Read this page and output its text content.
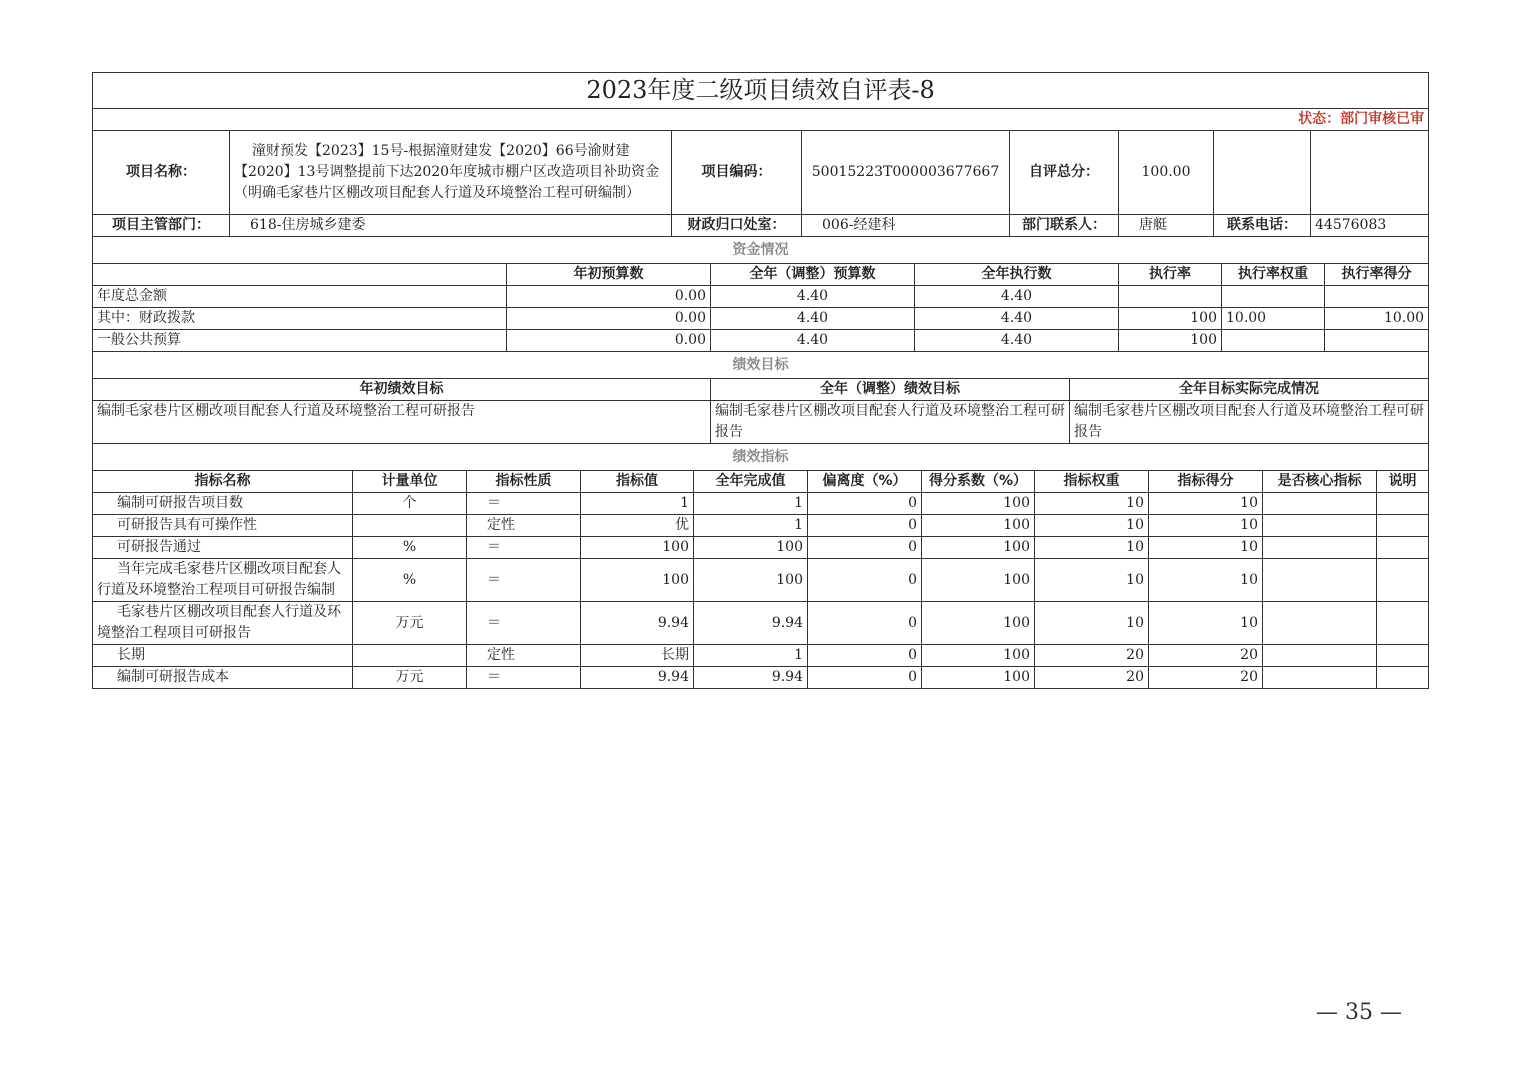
2023年度二级项目绩效自评表-8							
状态：部门审核已审							
项目名称：	潼财预发【2023】15号-根据潼财建发【2020】66号渝财建【2020】13号调整提前下达2020年度城市棚户区改造项目补助资金（明确毛家巷片区棚改项目配套人行道及环境整治工程可研编制）	项目编码：	50015223T000003677667	自评总分：	100.00		
项目主管部门：	618-住房城乡建委	财政归口处室：	006-经建科	部门联系人：	唐艇	联系电话：	44576083
资金情况						
	年初预算数	全年（调整）预算数	全年执行数	执行率	执行率权重	执行率得分
年度总金额	0.00	4.40	4.40			
其中：财政拨款	0.00	4.40	4.40	100	10.00	10.00
一般公共预算	0.00	4.40	4.40	100		
绩效目标		
年初绩效目标	全年（调整）绩效目标	全年目标实际完成情况
编制毛家巷片区棚改项目配套人行道及环境整治工程可研报告	编制毛家巷片区棚改项目配套人行道及环境整治工程可研报告	编制毛家巷片区棚改项目配套人行道及环境整治工程可研报告
绩效指标										
指标名称	计量单位	指标性质	指标值	全年完成值	偏离度（%）	得分系数（%）	指标权重	指标得分	是否核心指标	说明
编制可研报告项目数	个	＝	1	1	0	100	10	10		
可研报告具有可操作性		定性	优	1	0	100	10	10		
可研报告通过	%	＝	100	100	0	100	10	10		
当年完成毛家巷片区棚改项目配套人行道及环境整治工程项目可研报告编制	%	＝	100	100	0	100	10	10		
毛家巷片区棚改项目配套人行道及环境整治工程项目可研报告	万元	＝	9.94	9.94	0	100	10	10		
长期		定性	长期	1	0	100	20	20		
编制可研报告成本	万元	＝	9.94	9.94	0	100	20	20		
— 35 —
